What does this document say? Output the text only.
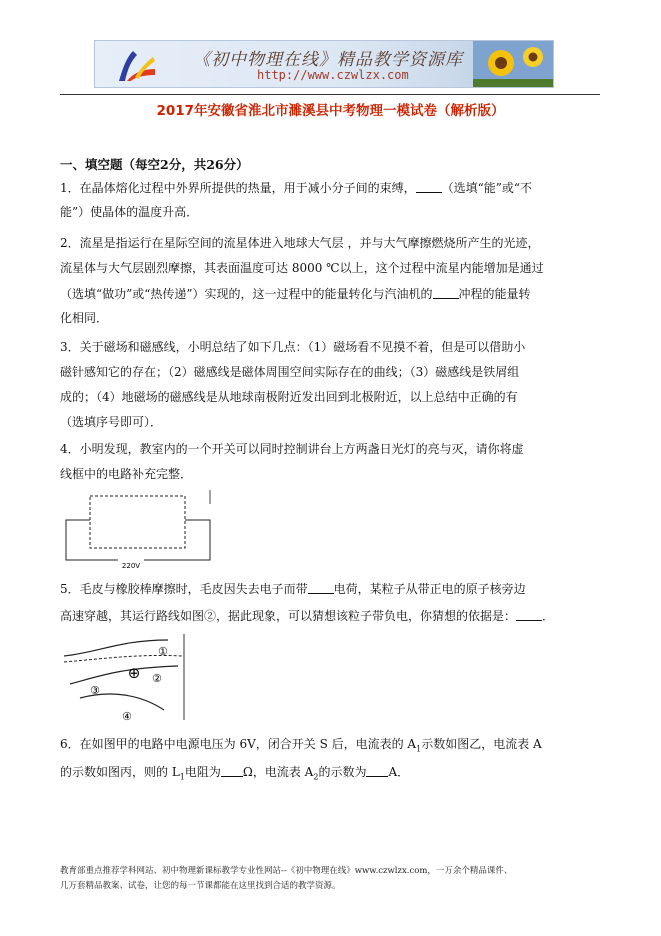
《初中物理在线》精品教学资源库
http://www.czwlzx.com
2017年安徽省淮北市濉溪县中考物理一模试卷（解析版）
一、填空题（每空2分，共26分）
1．在晶体熔化过程中外界所提供的热量，用于减小分子间的束缚， （选填“能”或“不
能”）使晶体的温度升高．
2．流星是指运行在星际空间的流星体进入地球大气层 ，并与大气摩擦燃烧所产生的光迹，
流星体与大气层剧烈摩擦，其表面温度可达 8000 ℃以上，这个过程中流星内能增加是通过
（选填“做功”或“热传递”）实现的，这一过程中的能量转化与汽油机的 冲程的能量转
化相同．
3．关于磁场和磁感线，小明总结了如下几点：（1）磁场看不见摸不着，但是可以借助小
磁针感知它的存在；（2）磁感线是磁体周围空间实际存在的曲线；（3）磁感线是铁屑组
成的；（4）地磁场的磁感线是从地球南极附近发出回到北极附近，以上总结中正确的有
（选填序号即可）．
4．小明发现，教室内的一个开关可以同时控制讲台上方两盏日光灯的亮与灭，请你将虚
线框中的电路补充完整．
220V
5．毛皮与橡胶棒摩擦时，毛皮因失去电子而带 电荷，某粒子从带正电的原子核旁边
高速穿越，其运行路线如图②，据此现象，可以猜想该粒子带负电，你猜想的依据是： ．
⊕
①
②
③
④
6．在如图甲的电路中电源电压为 6V，闭合开关 S 后，电流表的 $A_1$示数如图乙，电流表 A
的示数如图丙，则的 $L_1$电阻为 Ω，电流表 $A_2$的示数为 A．
教育部重点推荐学科网站、初中物理新课标教学专业性网站--《初中物理在线》www.czwlzx.com，一万余个精品课件、
几万套精品教案、试卷，让您的每一节课都能在这里找到合适的教学资源。
